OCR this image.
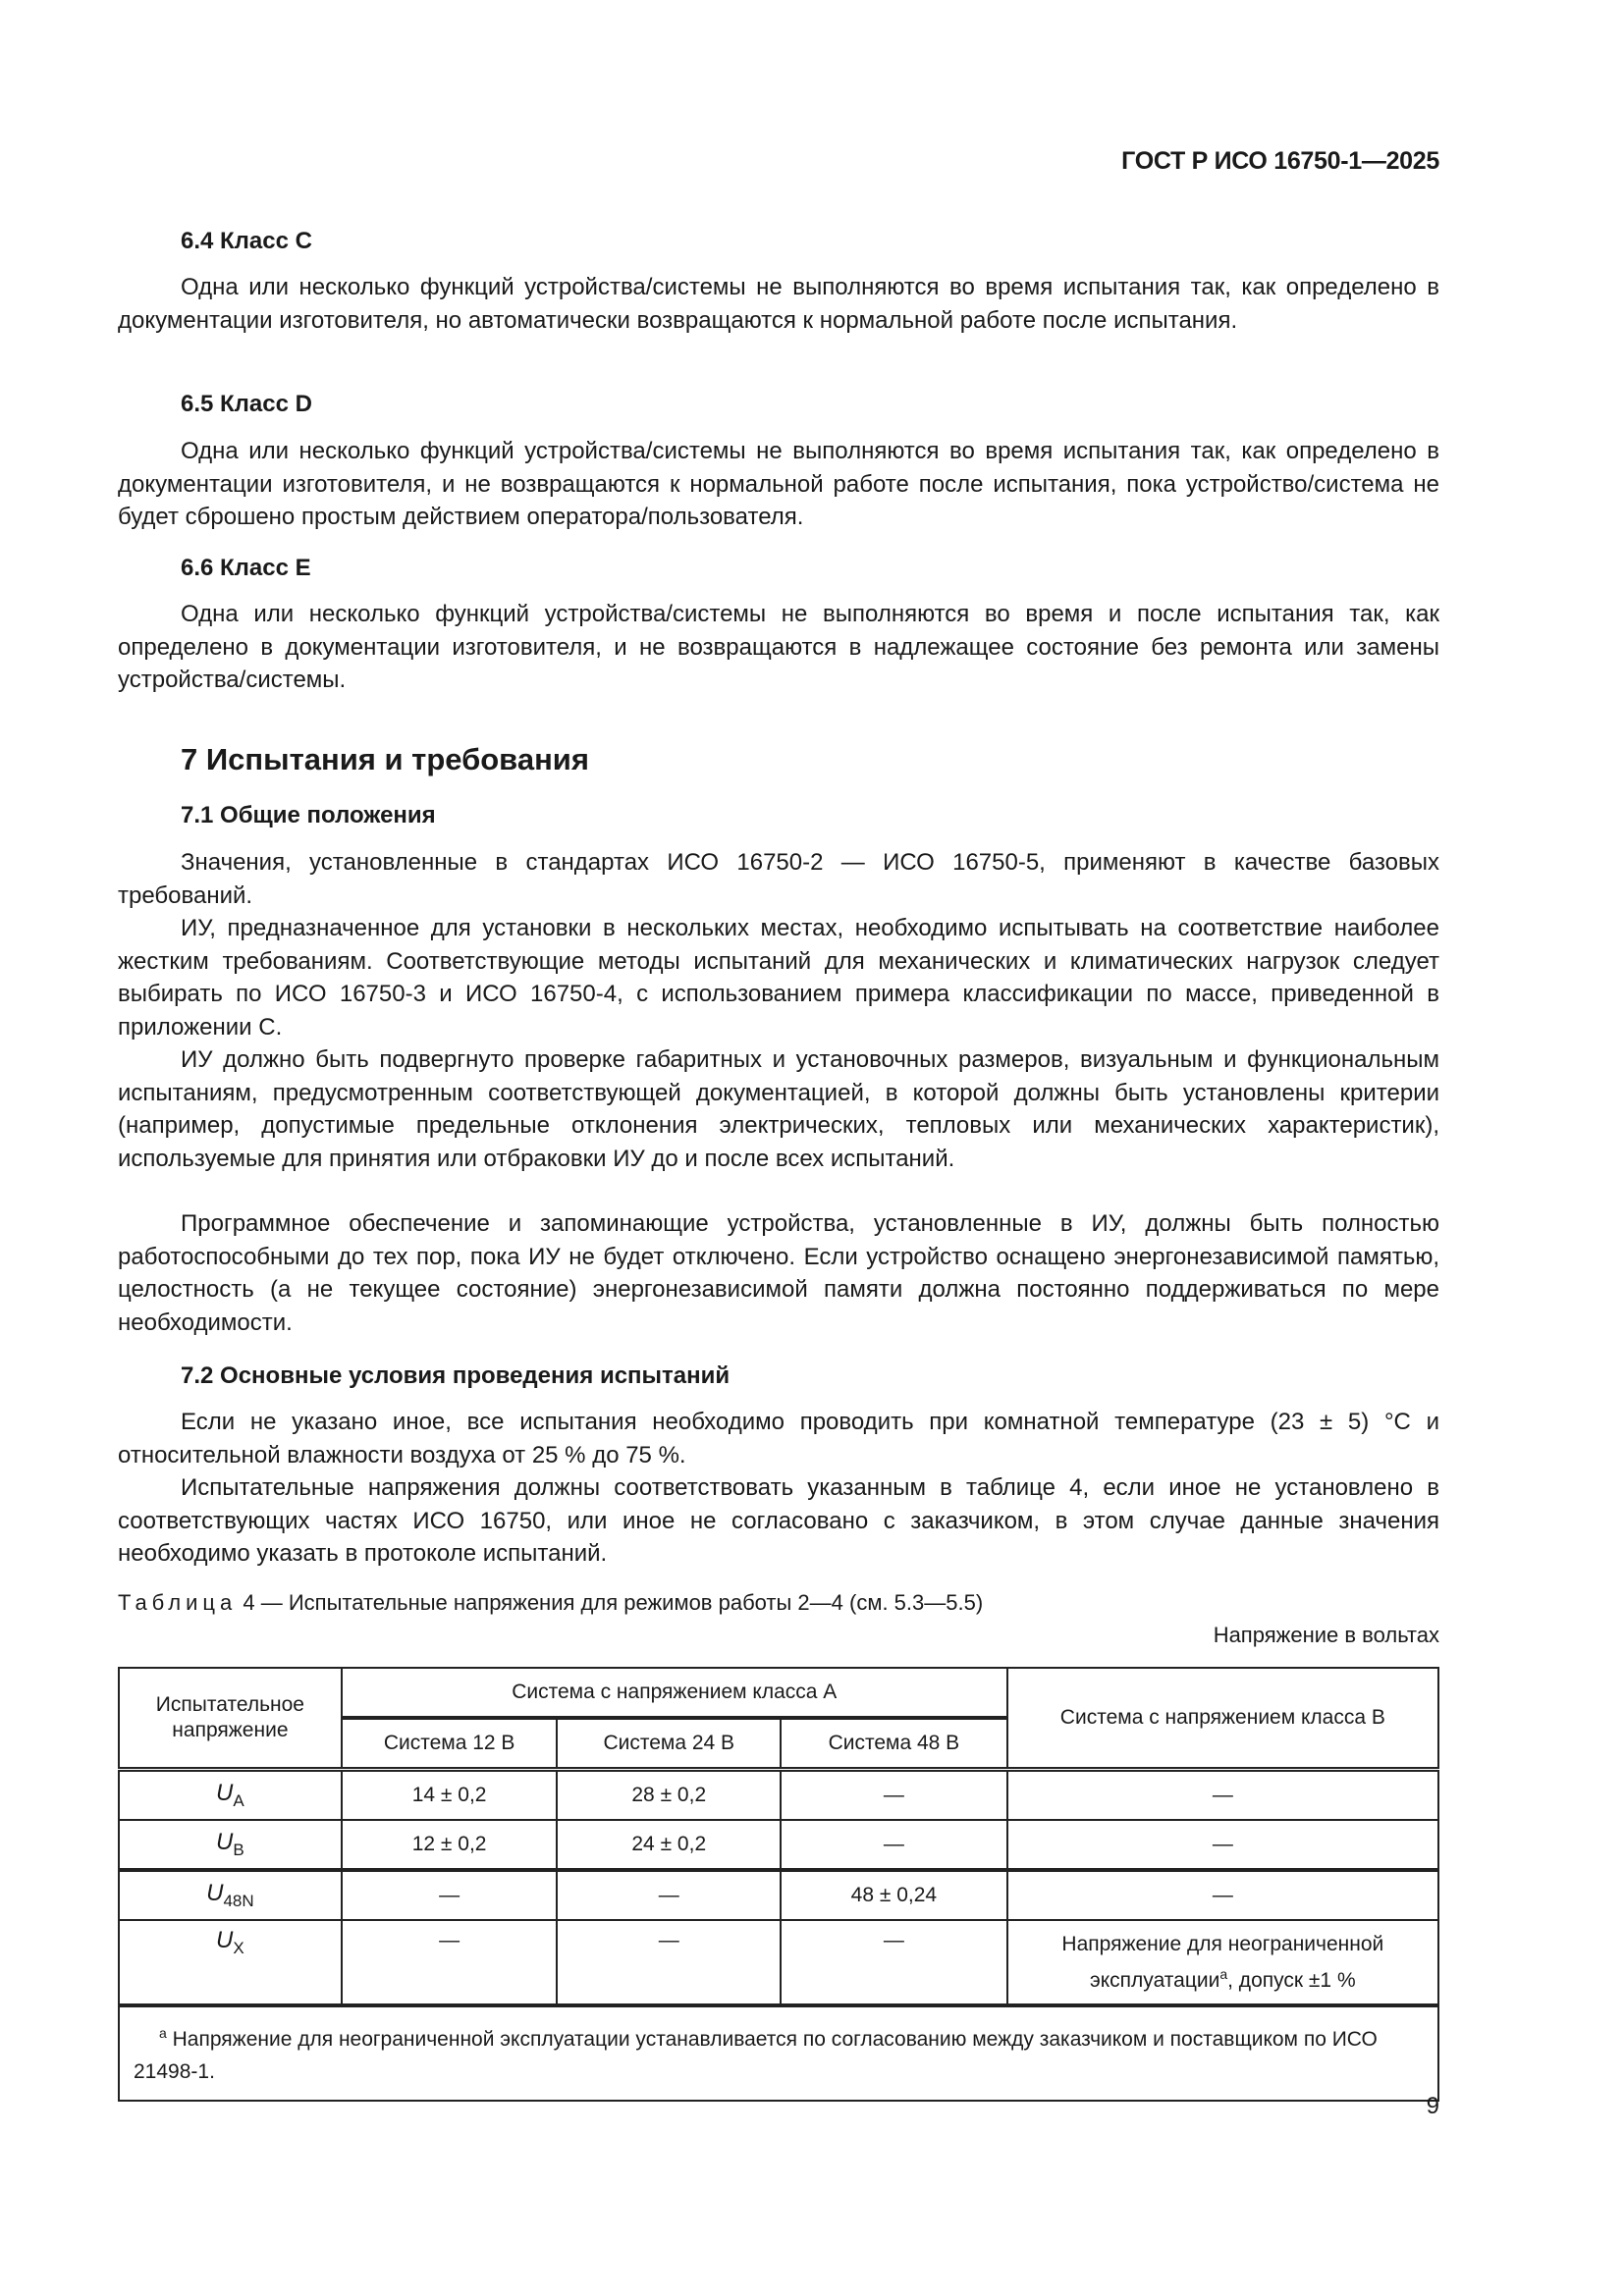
ГОСТ Р ИСО 16750-1—2025
6.4 Класс С
Одна или несколько функций устройства/системы не выполняются во время испытания так, как определено в документации изготовителя, но автоматически возвращаются к нормальной работе после испытания.
6.5 Класс D
Одна или несколько функций устройства/системы не выполняются во время испытания так, как определено в документации изготовителя, и не возвращаются к нормальной работе после испытания, пока устройство/система не будет сброшено простым действием оператора/пользователя.
6.6 Класс Е
Одна или несколько функций устройства/системы не выполняются во время и после испытания так, как определено в документации изготовителя, и не возвращаются в надлежащее состояние без ремонта или замены устройства/системы.
7 Испытания и требования
7.1 Общие положения
Значения, установленные в стандартах ИСО 16750-2 — ИСО 16750-5, применяют в качестве базовых требований.
ИУ, предназначенное для установки в нескольких местах, необходимо испытывать на соответствие наиболее жестким требованиям. Соответствующие методы испытаний для механических и климатических нагрузок следует выбирать по ИСО 16750-3 и ИСО 16750-4, с использованием примера классификации по массе, приведенной в приложении С.
ИУ должно быть подвергнуто проверке габаритных и установочных размеров, визуальным и функциональным испытаниям, предусмотренным соответствующей документацией, в которой должны быть установлены критерии (например, допустимые предельные отклонения электрических, тепловых или механических характеристик), используемые для принятия или отбраковки ИУ до и после всех испытаний.
Программное обеспечение и запоминающие устройства, установленные в ИУ, должны быть полностью работоспособными до тех пор, пока ИУ не будет отключено. Если устройство оснащено энергонезависимой памятью, целостность (а не текущее состояние) энергонезависимой памяти должна постоянно поддерживаться по мере необходимости.
7.2 Основные условия проведения испытаний
Если не указано иное, все испытания необходимо проводить при комнатной температуре (23 ± 5) °С и относительной влажности воздуха от 25 % до 75 %.
Испытательные напряжения должны соответствовать указанным в таблице 4, если иное не установлено в соответствующих частях ИСО 16750, или иное не согласовано с заказчиком, в этом случае данные значения необходимо указать в протоколе испытаний.
Таблица 4 — Испытательные напряжения для режимов работы 2—4 (см. 5.3—5.5)
Напряжение в вольтах
Испытательное напряжение	Система с напряжением класса А			Система с напряжением класса В
	Система 12 В	Система 24 В	Система 48 В	
$U_A$	14 ± 0,2	28 ± 0,2	—	—
$U_B$	12 ± 0,2	24 ± 0,2	—	—
$U_{48N}$	—	—	48 ± 0,24	—
$U_X$	—	—	—	Напряжение для неограниченной
эксплуатации$^a$, допуск ±1 %
$^a$ Напряжение для неограниченной эксплуатации устанавливается по согласованию между заказчиком и поставщиком по ИСО 21498-1.				
9
